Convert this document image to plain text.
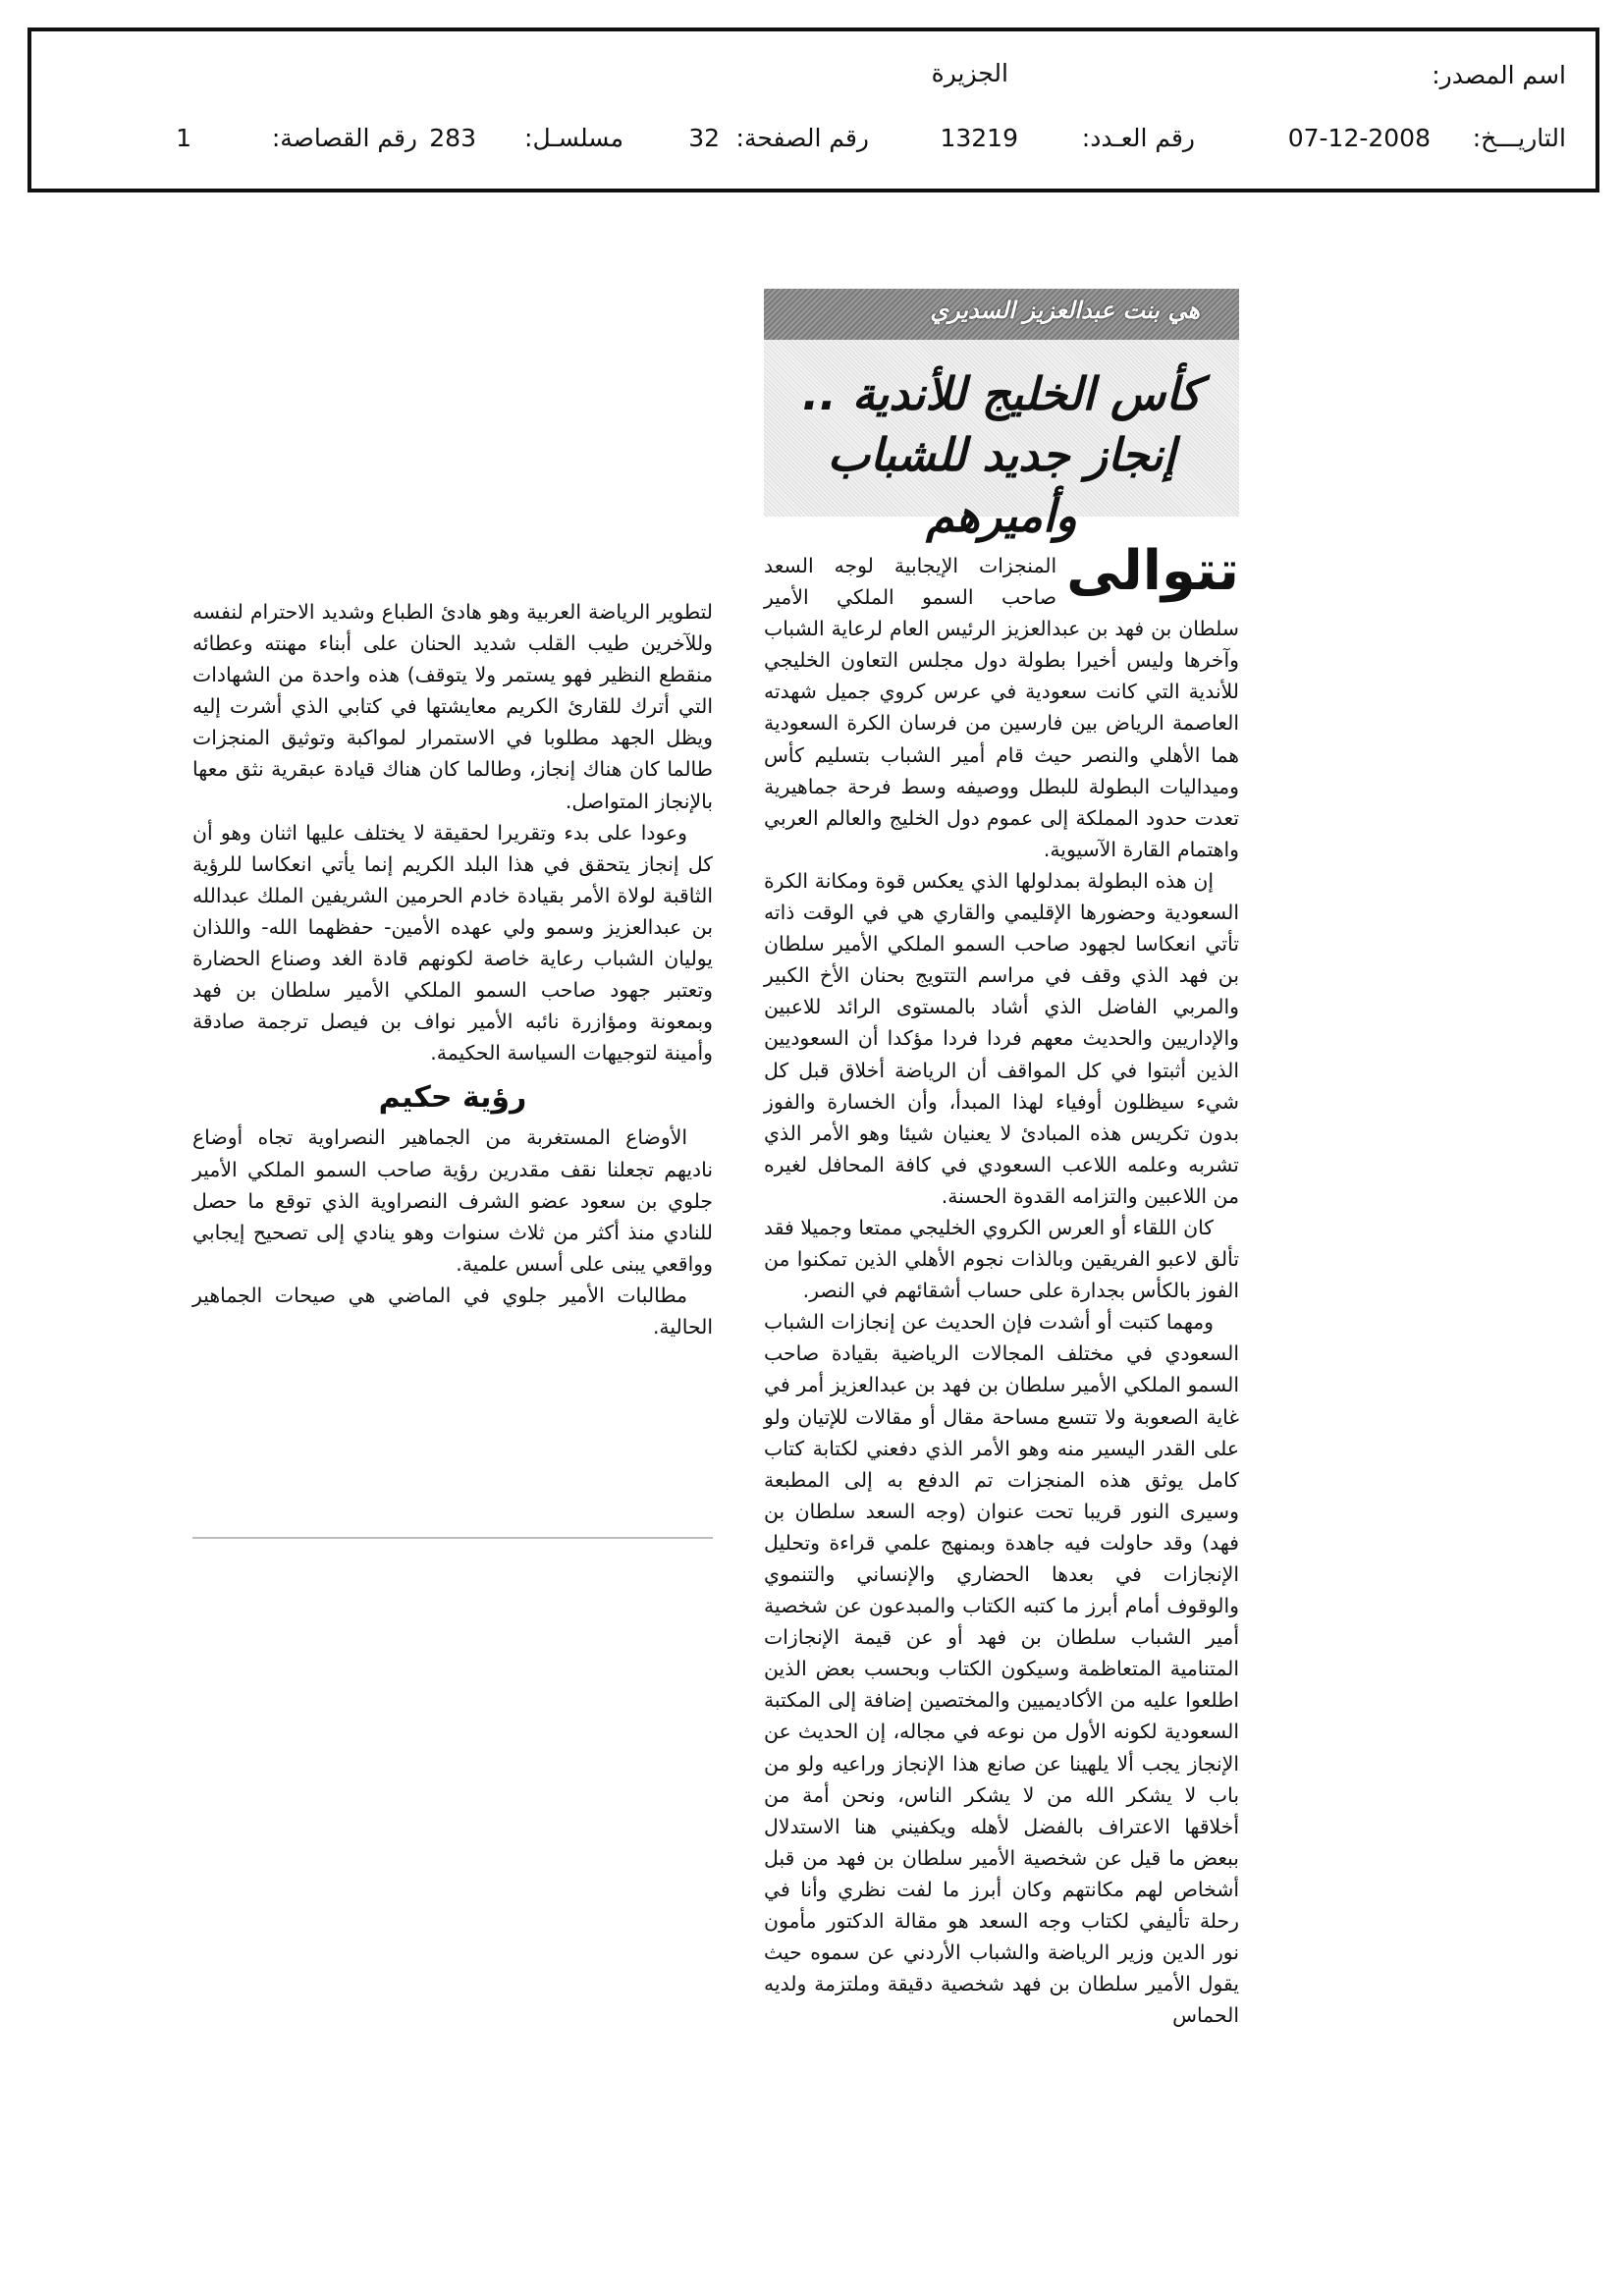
اسم المصدر:
الجزيرة
التاريـــخ:
07-12-2008
رقم العـدد:
13219
رقم الصفحة:
32
مسلسـل:
283
رقم القصاصة:
1
هي بنت عبدالعزيز السديري
كأس الخليج للأندية ..
إنجاز جديد للشباب وأميرهم

تتوالى
المنجزات الإيجابية لوجه السعد صاحب السمو الملكي الأمير سلطان بن فهد بن عبدالعزيز الرئيس العام لرعاية الشباب وآخرها وليس أخيرا بطولة دول مجلس التعاون الخليجي للأندية التي كانت سعودية في عرس كروي جميل شهدته العاصمة الرياض بين فارسين من فرسان الكرة السعودية هما الأهلي والنصر حيث قام أمير الشباب بتسليم كأس وميداليات البطولة للبطل ووصيفه وسط فرحة جماهيرية تعدت حدود المملكة إلى عموم دول الخليج والعالم العربي واهتمام القارة الآسيوية.

إن هذه البطولة بمدلولها الذي يعكس قوة ومكانة الكرة السعودية وحضورها الإقليمي والقاري هي في الوقت ذاته تأتي انعكاسا لجهود صاحب السمو الملكي الأمير سلطان بن فهد الذي وقف في مراسم التتويج بحنان الأخ الكبير والمربي الفاضل الذي أشاد بالمستوى الرائد للاعبين والإداريين والحديث معهم فردا فردا مؤكدا أن السعوديين الذين أثبتوا في كل المواقف أن الرياضة أخلاق قبل كل شيء سيظلون أوفياء لهذا المبدأ، وأن الخسارة والفوز بدون تكريس هذه المبادئ لا يعنيان شيئا وهو الأمر الذي تشربه وعلمه اللاعب السعودي في كافة المحافل لغيره من اللاعبين والتزامه القدوة الحسنة.

كان اللقاء أو العرس الكروي الخليجي ممتعا وجميلا فقد تألق لاعبو الفريقين وبالذات نجوم الأهلي الذين تمكنوا من الفوز بالكأس بجدارة على حساب أشقائهم في النصر.

ومهما كتبت أو أشدت فإن الحديث عن إنجازات الشباب السعودي في مختلف المجالات الرياضية بقيادة صاحب السمو الملكي الأمير سلطان بن فهد بن عبدالعزيز أمر في غاية الصعوبة ولا تتسع مساحة مقال أو مقالات للإتيان ولو على القدر اليسير منه وهو الأمر الذي دفعني لكتابة كتاب كامل يوثق هذه المنجزات تم الدفع به إلى المطبعة وسيرى النور قريبا تحت عنوان (وجه السعد سلطان بن فهد) وقد حاولت فيه جاهدة وبمنهج علمي قراءة وتحليل الإنجازات في بعدها الحضاري والإنساني والتنموي والوقوف أمام أبرز ما كتبه الكتاب والمبدعون عن شخصية أمير الشباب سلطان بن فهد أو عن قيمة الإنجازات المتنامية المتعاظمة وسيكون الكتاب وبحسب بعض الذين اطلعوا عليه من الأكاديميين والمختصين إضافة إلى المكتبة السعودية لكونه الأول من نوعه في مجاله، إن الحديث عن الإنجاز يجب ألا يلهينا عن صانع هذا الإنجاز وراعيه ولو من باب لا يشكر الله من لا يشكر الناس، ونحن أمة من أخلاقها الاعتراف بالفضل لأهله ويكفيني هنا الاستدلال ببعض ما قيل عن شخصية الأمير سلطان بن فهد من قبل أشخاص لهم مكانتهم وكان أبرز ما لفت نظري وأنا في رحلة تأليفي لكتاب وجه السعد هو مقالة الدكتور مأمون نور الدين وزير الرياضة والشباب الأردني عن سموه حيث يقول الأمير سلطان بن فهد شخصية دقيقة وملتزمة ولديه الحماس

لتطوير الرياضة العربية وهو هادئ الطباع وشديد الاحترام لنفسه وللآخرين طيب القلب شديد الحنان على أبناء مهنته وعطائه منقطع النظير فهو يستمر ولا يتوقف) هذه واحدة من الشهادات التي أترك للقارئ الكريم معايشتها في كتابي الذي أشرت إليه ويظل الجهد مطلوبا في الاستمرار لمواكبة وتوثيق المنجزات طالما كان هناك إنجاز، وطالما كان هناك قيادة عبقرية نثق معها بالإنجاز المتواصل.

وعودا على بدء وتقريرا لحقيقة لا يختلف عليها اثنان وهو أن كل إنجاز يتحقق في هذا البلد الكريم إنما يأتي انعكاسا للرؤية الثاقبة لولاة الأمر بقيادة خادم الحرمين الشريفين الملك عبدالله بن عبدالعزيز وسمو ولي عهده الأمين- حفظهما الله- واللذان يوليان الشباب رعاية خاصة لكونهم قادة الغد وصناع الحضارة وتعتبر جهود صاحب السمو الملكي الأمير سلطان بن فهد وبمعونة ومؤازرة نائبه الأمير نواف بن فيصل ترجمة صادقة وأمينة لتوجيهات السياسة الحكيمة.

رؤية حكيم

الأوضاع المستغربة من الجماهير النصراوية تجاه أوضاع ناديهم تجعلنا نقف مقدرين رؤية صاحب السمو الملكي الأمير جلوي بن سعود عضو الشرف النصراوية الذي توقع ما حصل للنادي منذ أكثر من ثلاث سنوات وهو ينادي إلى تصحيح إيجابي وواقعي يبنى على أسس علمية.

مطالبات الأمير جلوي في الماضي هي صيحات الجماهير الحالية.
